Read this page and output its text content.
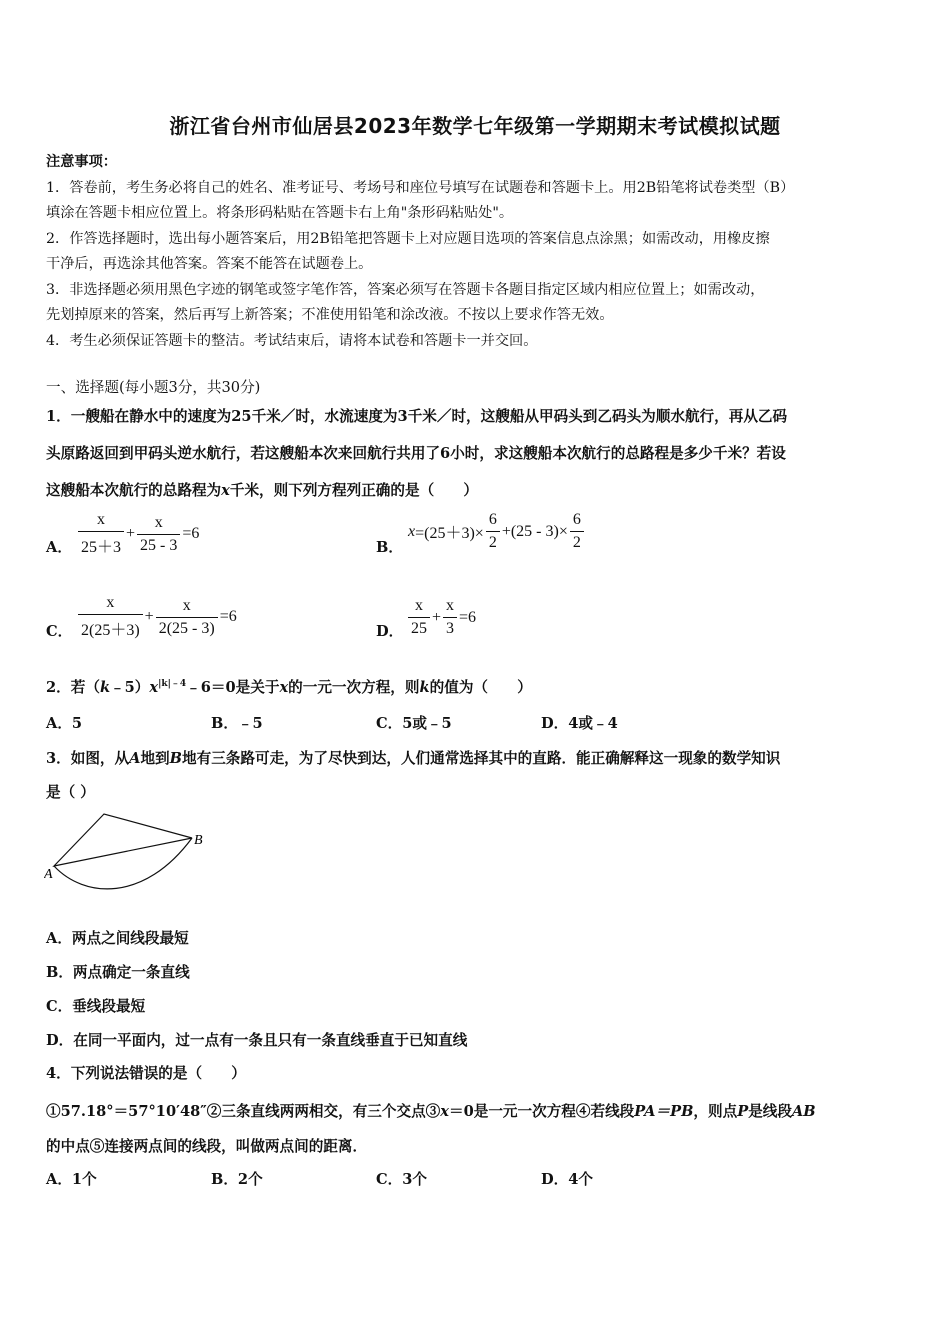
浙江省台州市仙居县2023年数学七年级第一学期期末考试模拟试题

注意事项：

1．答卷前，考生务必将自己的姓名、准考证号、考场号和座位号填写在试题卷和答题卡上。用2B铅笔将试卷类型（B）

填涂在答题卡相应位置上。将条形码粘贴在答题卡右上角"条形码粘贴处"。

2．作答选择题时，选出每小题答案后，用2B铅笔把答题卡上对应题目选项的答案信息点涂黑；如需改动，用橡皮擦

干净后，再选涂其他答案。答案不能答在试题卷上。

3．非选择题必须用黑色字迹的钢笔或签字笔作答，答案必须写在答题卡各题目指定区域内相应位置上；如需改动，

先划掉原来的答案，然后再写上新答案；不准使用铅笔和涂改液。不按以上要求作答无效。

4．考生必须保证答题卡的整洁。考试结束后，请将本试卷和答题卡一并交回。

一、选择题(每小题3分，共30分)
1．一艘船在静水中的速度为25千米／时，水流速度为3千米／时，这艘船从甲码头到乙码头为顺水航行，再从乙码
头原路返回到甲码头逆水航行，若这艘船本次来回航行共用了6小时，求这艘船本次航行的总路程是多少千米？若设
这艘船本次航行的总路程为x千米，则下列方程列正确的是（　　）
A． $\frac{x}{25+3} + \frac{x}{25 - 3} =6$
B．
$x =(25+3)\times \frac{6}{2} +(25 - 3)\times \frac{6}{2}$
C． $\frac{x}{2(25+3)} + \frac{x}{2(25 - 3)} =6$
D． $\frac{x}{25} + \frac{x}{3} =6$
2．若$(k﹣5)x^{|k|﹣4}﹣6=0$是关于x的一元一次方程，则k的值为（　　）
A．5	B．﹣5	C．5或﹣5	D．4或﹣4
3．如图，从A地到B地有三条路可走，为了尽快到达，人们通常选择其中的直路．能正确解释这一现象的数学知识
是（ ）
A
B
A．两点之间线段最短
B．两点确定一条直线
C．垂线段最短
D．在同一平面内，过一点有一条且只有一条直线垂直于已知直线
4．下列说法错误的是（　　）
①57.18°＝57°10′48″②三条直线两两相交，有三个交点③x＝0是一元一次方程④若线段PA＝PB，则点P是线段AB
的中点⑤连接两点间的线段，叫做两点间的距离．
A．1个	B．2个	C．3个	D．4个
